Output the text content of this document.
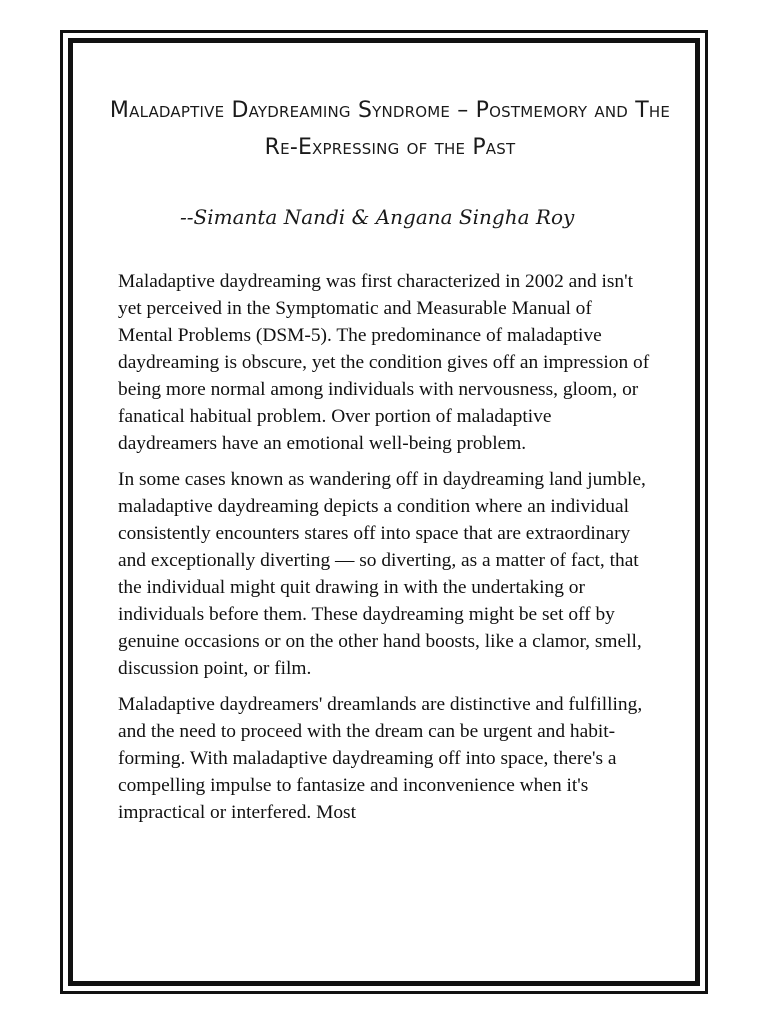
Maladaptive Daydreaming Syndrome – Postmemory and The Re-Expressing of the Past
--Simanta Nandi & Angana Singha Roy

Maladaptive daydreaming was first characterized in 2002 and isn't yet perceived in the Symptomatic and Measurable Manual of Mental Problems (DSM-5). The predominance of maladaptive daydreaming is obscure, yet the condition gives off an impression of being more normal among individuals with nervousness, gloom, or fanatical habitual problem. Over portion of maladaptive daydreamers have an emotional well-being problem.

In some cases known as wandering off in daydreaming land jumble, maladaptive daydreaming depicts a condition where an individual consistently encounters stares off into space that are extraordinary and exceptionally diverting — so diverting, as a matter of fact, that the individual might quit drawing in with the undertaking or individuals before them. These daydreaming might be set off by genuine occasions or on the other hand boosts, like a clamor, smell, discussion point, or film.

Maladaptive daydreamers' dreamlands are distinctive and fulfilling, and the need to proceed with the dream can be urgent and habit-forming. With maladaptive daydreaming off into space, there's a compelling impulse to fantasize and inconvenience when it's impractical or interfered. Most
